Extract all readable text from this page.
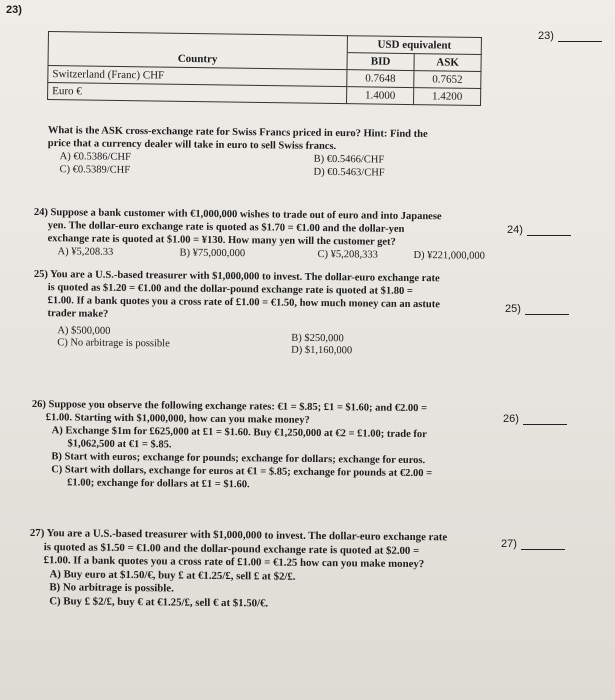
23)
23)
24)
25)
26)
27)
	USD equivalent	
Country	BID	ASK
Switzerland (Franc) CHF	0.7648	0.7652
Euro €	1.4000	1.4200
What is the ASK cross-exchange rate for Swiss Francs priced in euro? Hint: Find the
price that a currency dealer will take in euro to sell Swiss francs.
A) €0.5386/CHF	B) €0.5466/CHF
C) €0.5389/CHF	D) €0.5463/CHF
24) Suppose a bank customer with €1,000,000 wishes to trade out of euro and into Japanese
yen. The dollar-euro exchange rate is quoted as $1.70 = €1.00 and the dollar-yen
exchange rate is quoted at $1.00 = ¥130. How many yen will the customer get?
A) ¥5,208.33	B) ¥75,000,000	C) ¥5,208,333	D) ¥221,000,000
25) You are a U.S.-based treasurer with $1,000,000 to invest. The dollar-euro exchange rate
is quoted as $1.20 = €1.00 and the dollar-pound exchange rate is quoted at $1.80 =
£1.00. If a bank quotes you a cross rate of £1.00 = €1.50, how much money can an astute
trader make?
A) $500,000
B) $250,000
C) No arbitrage is possible
D) $1,160,000
26) Suppose you observe the following exchange rates: €1 = $.85; £1 = $1.60; and €2.00 =
£1.00. Starting with $1,000,000, how can you make money?
A) Exchange $1m for £625,000 at £1 = $1.60. Buy €1,250,000 at €2 = £1.00; trade for
$1,062,500 at €1 = $.85.
B) Start with euros; exchange for pounds; exchange for dollars; exchange for euros.
C) Start with dollars, exchange for euros at €1 = $.85; exchange for pounds at €2.00 =
£1.00; exchange for dollars at £1 = $1.60.
27) You are a U.S.-based treasurer with $1,000,000 to invest. The dollar-euro exchange rate
is quoted as $1.50 = €1.00 and the dollar-pound exchange rate is quoted at $2.00 =
£1.00. If a bank quotes you a cross rate of £1.00 = €1.25 how can you make money?
A) Buy euro at $1.50/€, buy £ at €1.25/£, sell £ at $2/£.
B) No arbitrage is possible.
C) Buy £ $2/£, buy € at €1.25/£, sell € at $1.50/€.
